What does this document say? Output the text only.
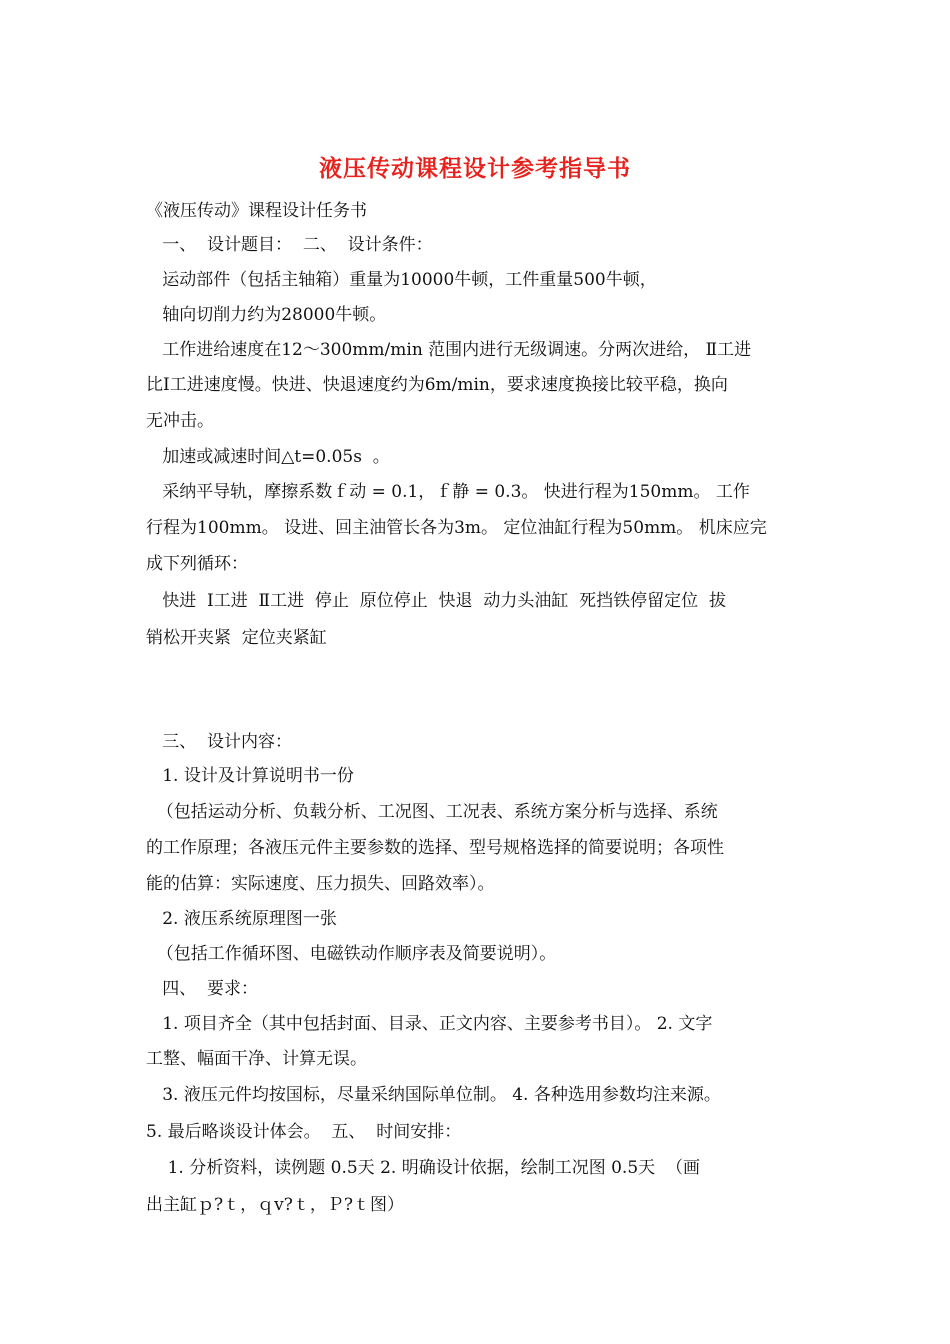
液压传动课程设计参考指导书
《液压传动》课程设计任务书
一、  设计题目：  二、  设计条件：
运动部件（包括主轴箱）重量为10000牛顿，工件重量500牛顿，
轴向切削力约为28000牛顿。
工作进给速度在12～300mm/min 范围内进行无级调速。分两次进给， Ⅱ工进
比Ⅰ工进速度慢。快进、快退速度约为6m/min，要求速度换接比较平稳，换向
无冲击。
加速或减速时间△t=0.05s  。
采纳平导轨，摩擦系数ｆ动 = 0.1，ｆ静 = 0.3。 快进行程为150mm。 工作
行程为100mm。 设进、回主油管长各为3m。 定位油缸行程为50mm。 机床应完
成下列循环：
快进  Ⅰ工进  Ⅱ工进  停止  原位停止  快退  动力头油缸  死挡铁停留定位  拔
销松开夹紧  定位夹紧缸
三、  设计内容：
1. 设计及计算说明书一份
（包括运动分析、负载分析、工况图、工况表、系统方案分析与选择、系统
的工作原理；各液压元件主要参数的选择、型号规格选择的简要说明；各项性
能的估算：实际速度、压力损失、回路效率）。
2. 液压系统原理图一张
（包括工作循环图、电磁铁动作顺序表及简要说明）。
四、  要求：
1. 项目齐全（其中包括封面、目录、正文内容、主要参考书目）。 2. 文字
工整、幅面干净、计算无误。
3. 液压元件均按国标，尽量采纳国际单位制。 4. 各种选用参数均注来源。
5. 最后略谈设计体会。  五、  时间安排：
1. 分析资料，读例题 0.5天 2. 明确设计依据，绘制工况图 0.5天  （画
出主缸ｐ?ｔ，ｑv?ｔ，Ｐ?ｔ图）
